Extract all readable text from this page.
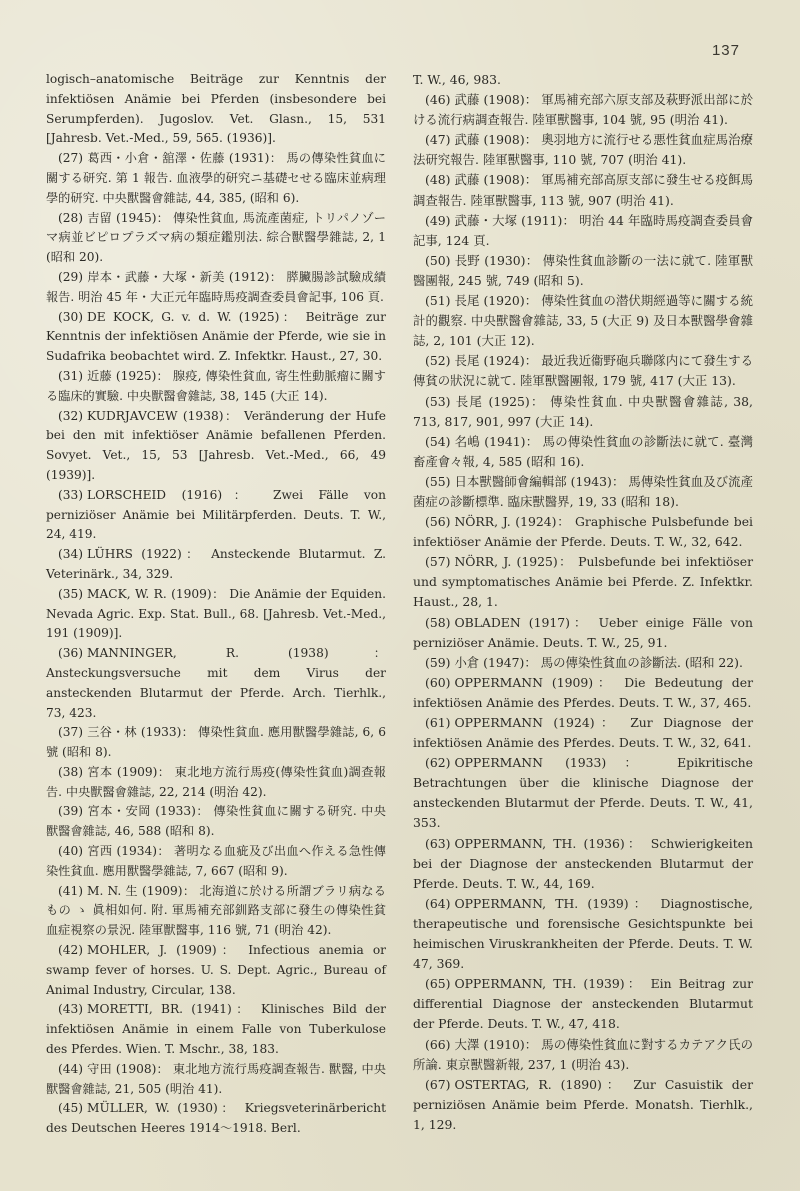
137

logisch–anatomische Beiträge zur Kenntnis der infektiösen Anämie bei Pferden (insbesondere bei Serumpferden). Jugoslov. Vet. Glasn., 15, 531 [Jahresb. Vet.-Med., 59, 565. (1936)].

(27) 葛西・小倉・舘澤・佐藤 (1931)： 馬の傳染性貧血に關する研究. 第 1 報告. 血液學的研究ニ基礎セせる臨床並病理學的研究. 中央獸醫會雜誌, 44, 385, (昭和 6).

(28) 吉留 (1945)： 傳染性貧血, 馬流產菌症, トリパノゾーマ病並ビピロプラズマ病の類症鑑別法. 綜合獸醫學雜誌, 2, 1 (昭和 20).

(29) 岸本・武藤・大塚・新美 (1912)： 膵臟腸診試驗成績報告. 明治 45 年・大正元年臨時馬疫調查委員會記事, 106 頁.

(30) DE KOCK, G. v. d. W. (1925)： Beiträge zur Kenntnis der infektiösen Anämie der Pferde, wie sie in Sudafrika beobachtet wird. Z. Infektkr. Haust., 27, 30.

(31) 近藤 (1925)： 腺疫, 傳染性貧血, 寄生性動脈瘤に關する臨床的實驗. 中央獸醫會雜誌, 38, 145 (大正 14).

(32) KUDRJAVCEW (1938)： Veränderung der Hufe bei den mit infektiöser Anämie befallenen Pferden. Sovyet. Vet., 15, 53 [Jahresb. Vet.-Med., 66, 49 (1939)].

(33) LORSCHEID (1916)： Zwei Fälle von perniziöser Anämie bei Militärpferden. Deuts. T. W., 24, 419.

(34) LÜHRS (1922)： Ansteckende Blutarmut. Z. Veterinärk., 34, 329.

(35) MACK, W. R. (1909)： Die Anämie der Equiden. Nevada Agric. Exp. Stat. Bull., 68. [Jahresb. Vet.-Med., 191 (1909)].

(36) MANNINGER, R. (1938)： Ansteckungsversuche mit dem Virus der ansteckenden Blutarmut der Pferde. Arch. Tierhlk., 73, 423.

(37) 三谷・林 (1933)： 傳染性貧血. 應用獸醫學雜誌, 6, 6 號 (昭和 8).

(38) 宮本 (1909)： 東北地方流行馬疫(傳染性貧血)調查報告. 中央獸醫會雜誌, 22, 214 (明治 42).

(39) 宮本・安岡 (1933)： 傳染性貧血に關する研究. 中央獸醫會雜誌, 46, 588 (昭和 8).

(40) 宮西 (1934)： 著明なる血疵及び出血へ作える急性傳染性貧血. 應用獸醫學雜誌, 7, 667 (昭和 9).

(41) M. N. 生 (1909)： 北海道に於ける所謂ブラリ病なるもの ゝ 眞相如何. 附. 軍馬補充部釧路支部に發生の傳染性貧血症視察の景況. 陸軍獸醫事, 116 號, 71 (明治 42).

(42) MOHLER, J. (1909)： Infectious anemia or swamp fever of horses. U. S. Dept. Agric., Bureau of Animal Industry, Circular, 138.

(43) MORETTI, BR. (1941)： Klinisches Bild der infektiösen Anämie in einem Falle von Tuberkulose des Pferdes. Wien. T. Mschr., 38, 183.

(44) 守田 (1908)： 東北地方流行馬疫調查報告. 獸醫, 中央獸醫會雜誌, 21, 505 (明治 41).

(45) MÜLLER, W. (1930)： Kriegsveterinärbericht des Deutschen Heeres 1914〜1918. Berl.

T. W., 46, 983.

(46) 武藤 (1908)： 軍馬補充部六原支部及萩野派出部に於ける流行病調查報告. 陸軍獸醫事, 104 號, 95 (明治 41).

(47) 武藤 (1908)： 奧羽地方に流行せる悪性貧血症馬治療法研究報告. 陸軍獸醫事, 110 號, 707 (明治 41).

(48) 武藤 (1908)： 軍馬補充部高原支部に發生せる疫餌馬調查報告. 陸軍獸醫事, 113 號, 907 (明治 41).

(49) 武藤・大塚 (1911)： 明治 44 年臨時馬疫調查委員會記事, 124 頁.

(50) 長野 (1930)： 傳染性貧血診斷の一法に就て. 陸軍獸醫團報, 245 號, 749 (昭和 5).

(51) 長尾 (1920)： 傳染性貧血の潜伏期經過等に關する統計的觀察. 中央獸醫會雜誌, 33, 5 (大正 9) 及日本獸醫學會雜誌, 2, 101 (大正 12).

(52) 長尾 (1924)： 最近我近衞野砲兵聯隊内にて發生する傳貧の狀況に就て. 陸軍獸醫團報, 179 號, 417 (大正 13).

(53) 長尾 (1925)： 傳染性貧血. 中央獸醫會雜誌, 38, 713, 817, 901, 997 (大正 14).

(54) 名嶋 (1941)： 馬の傳染性貧血の診斷法に就て. 臺灣畜產會々報, 4, 585 (昭和 16).

(55) 日本獸醫師會編輯部 (1943)： 馬傳染性貧血及び流產菌症の診斷標準. 臨床獸醫界, 19, 33 (昭和 18).

(56) NÖRR, J. (1924)： Graphische Pulsbefunde bei infektiöser Anämie der Pferde. Deuts. T. W., 32, 642.

(57) NÖRR, J. (1925)： Pulsbefunde bei infektiöser und symptomatisches Anämie bei Pferde. Z. Infektkr. Haust., 28, 1.

(58) OBLADEN (1917)： Ueber einige Fälle von perniziöser Anämie. Deuts. T. W., 25, 91.

(59) 小倉 (1947)： 馬の傳染性貧血の診斷法. (昭和 22).

(60) OPPERMANN (1909)： Die Bedeutung der infektiösen Anämie des Pferdes. Deuts. T. W., 37, 465.

(61) OPPERMANN (1924)： Zur Diagnose der infektiösen Anämie des Pferdes. Deuts. T. W., 32, 641.

(62) OPPERMANN (1933)： Epikritische Betrachtungen über die klinische Diagnose der ansteckenden Blutarmut der Pferde. Deuts. T. W., 41, 353.

(63) OPPERMANN, TH. (1936)： Schwierigkeiten bei der Diagnose der ansteckenden Blutarmut der Pferde. Deuts. T. W., 44, 169.

(64) OPPERMANN, TH. (1939)： Diagnostische, therapeutische und forensische Gesichtspunkte bei heimischen Viruskrankheiten der Pferde. Deuts. T. W. 47, 369.

(65) OPPERMANN, TH. (1939)： Ein Beitrag zur differential Diagnose der ansteckenden Blutarmut der Pferde. Deuts. T. W., 47, 418.

(66) 大澤 (1910)： 馬の傳染性貧血に對するカテアク氏の所論. 東京獸醫新報, 237, 1 (明治 43).

(67) OSTERTAG, R. (1890)： Zur Casuistik der perniziösen Anämie beim Pferde. Monatsh. Tierhlk., 1, 129.
